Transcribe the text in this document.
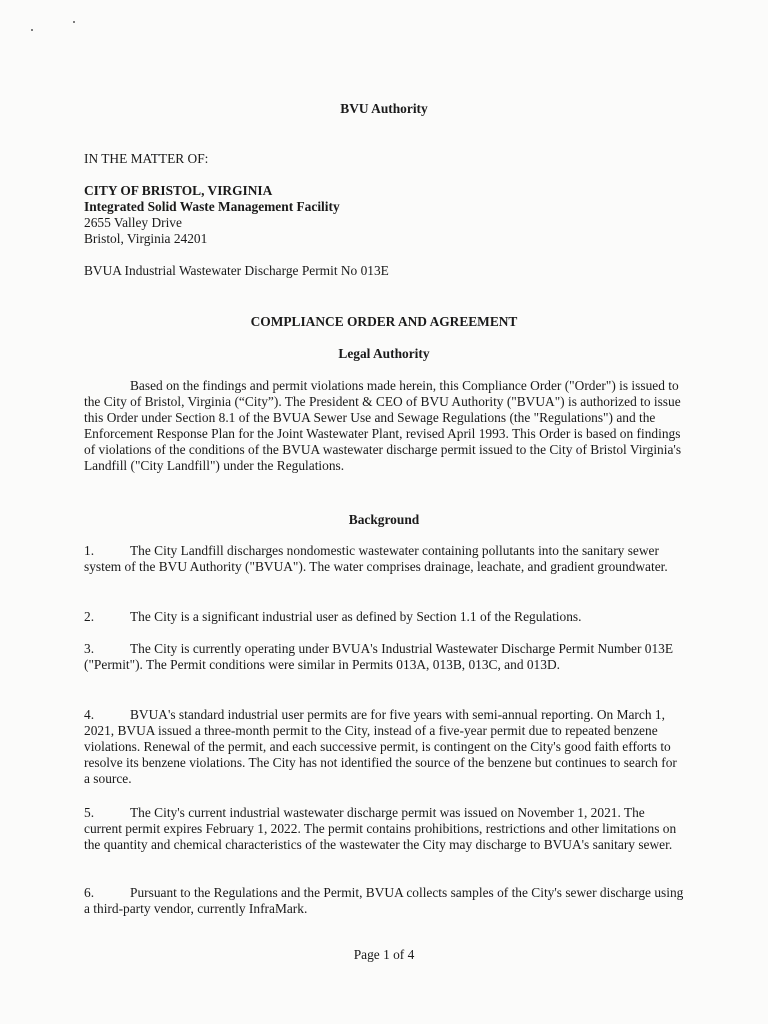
BVU Authority
IN THE MATTER OF:
CITY OF BRISTOL, VIRGINIA
Integrated Solid Waste Management Facility
2655 Valley Drive
Bristol, Virginia 24201
BVUA Industrial Wastewater Discharge Permit No 013E
COMPLIANCE ORDER AND AGREEMENT
Legal Authority
Based on the findings and permit violations made herein, this Compliance Order ("Order") is issued to the City of Bristol, Virginia (“City”). The President & CEO of BVU Authority ("BVUA") is authorized to issue this Order under Section 8.1 of the BVUA Sewer Use and Sewage Regulations (the "Regulations") and the Enforcement Response Plan for the Joint Wastewater Plant, revised April 1993. This Order is based on findings of violations of the conditions of the BVUA wastewater discharge permit issued to the City of Bristol Virginia's Landfill ("City Landfill") under the Regulations.
Background
1.	The City Landfill discharges nondomestic wastewater containing pollutants into the sanitary sewer system of the BVU Authority ("BVUA"). The water comprises drainage, leachate, and gradient groundwater.
2.	The City is a significant industrial user as defined by Section 1.1 of the Regulations.
3.	The City is currently operating under BVUA's Industrial Wastewater Discharge Permit Number 013E ("Permit"). The Permit conditions were similar in Permits 013A, 013B, 013C, and 013D.
4.	BVUA's standard industrial user permits are for five years with semi-annual reporting. On March 1, 2021, BVUA issued a three-month permit to the City, instead of a five-year permit due to repeated benzene violations. Renewal of the permit, and each successive permit, is contingent on the City's good faith efforts to resolve its benzene violations. The City has not identified the source of the benzene but continues to search for a source.
5.	The City's current industrial wastewater discharge permit was issued on November 1, 2021. The current permit expires February 1, 2022. The permit contains prohibitions, restrictions and other limitations on the quantity and chemical characteristics of the wastewater the City may discharge to BVUA's sanitary sewer.
6.	Pursuant to the Regulations and the Permit, BVUA collects samples of the City's sewer discharge using a third-party vendor, currently InfraMark.
Page 1 of 4
